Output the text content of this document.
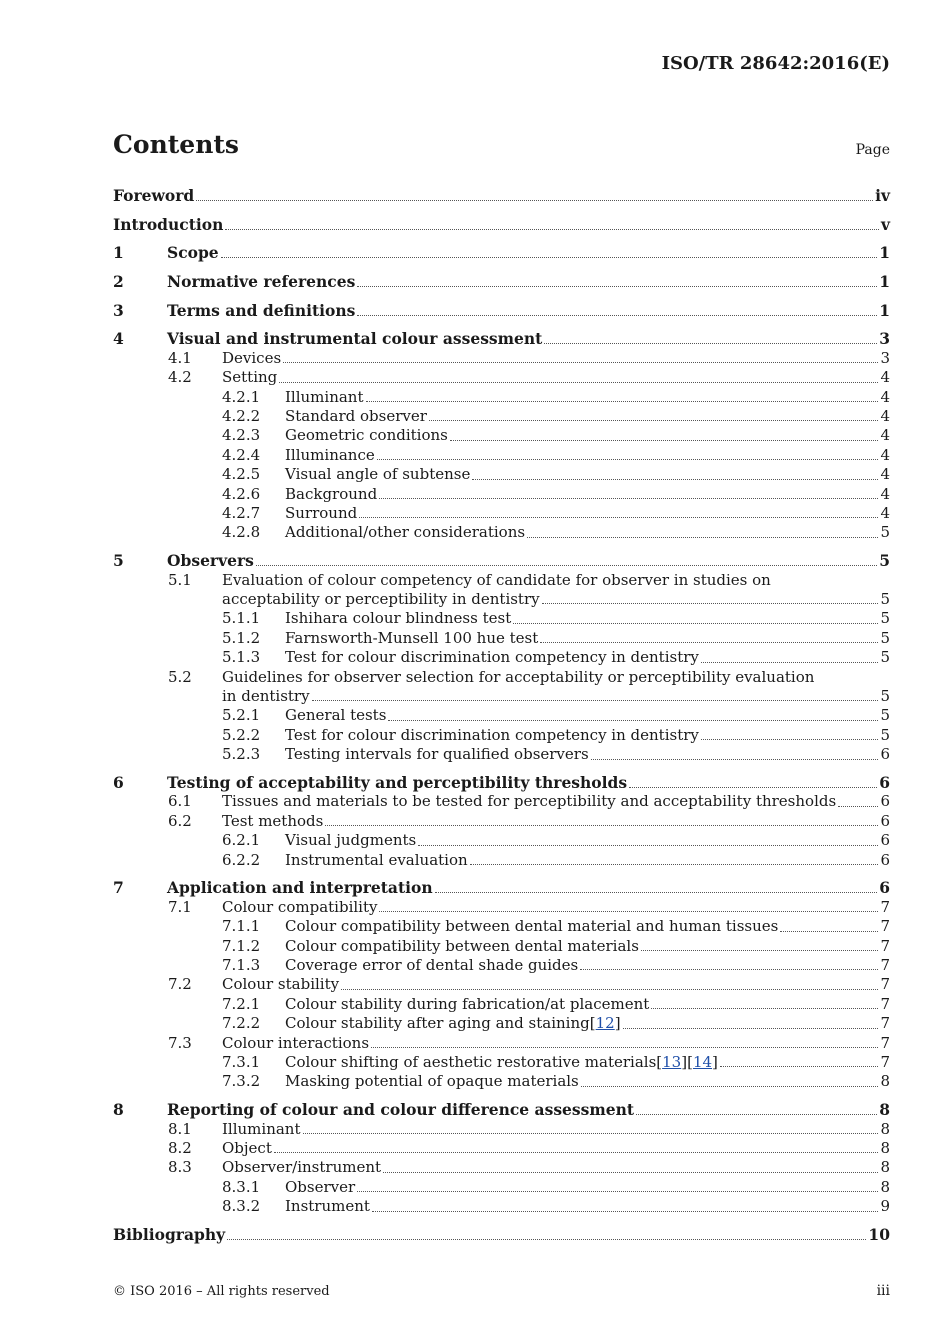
ISO/TR 28642:2016(E)
Contents	Page
Foreword	iv
Introduction	v
1	Scope	1
2	Normative references	1
3	Terms and definitions	1
4	Visual and instrumental colour assessment	3
4.1 Devices	3
4.2 Setting	4
4.2.1 Illuminant	4
4.2.2 Standard observer	4
4.2.3 Geometric conditions	4
4.2.4 Illuminance	4
4.2.5 Visual angle of subtense	4
4.2.6 Background	4
4.2.7 Surround	4
4.2.8 Additional/other considerations	5
5	Observers	5
5.1 Evaluation of colour competency of candidate for observer in studies on
acceptability or perceptibility in dentistry	5
5.1.1 Ishihara colour blindness test	5
5.1.2 Farnsworth-Munsell 100 hue test	5
5.1.3 Test for colour discrimination competency in dentistry	5
5.2 Guidelines for observer selection for acceptability or perceptibility evaluation
in dentistry	5
5.2.1 General tests	5
5.2.2 Test for colour discrimination competency in dentistry	5
5.2.3 Testing intervals for qualified observers	6
6	Testing of acceptability and perceptibility thresholds	6
6.1 Tissues and materials to be tested for perceptibility and acceptability thresholds	6
6.2 Test methods	6
6.2.1 Visual judgments	6
6.2.2 Instrumental evaluation	6
7	Application and interpretation	6
7.1 Colour compatibility	7
7.1.1 Colour compatibility between dental material and human tissues	7
7.1.2 Colour compatibility between dental materials	7
7.1.3 Coverage error of dental shade guides	7
7.2 Colour stability	7
7.2.1 Colour stability during fabrication/at placement	7
7.2.2 Colour stability after aging and staining[12]	7
7.3 Colour interactions	7
7.3.1 Colour shifting of aesthetic restorative materials[13][14]	7
7.3.2 Masking potential of opaque materials	8
8	Reporting of colour and colour difference assessment	8
8.1 Illuminant	8
8.2 Object	8
8.3 Observer/instrument	8
8.3.1 Observer	8
8.3.2 Instrument	9
Bibliography	10
© ISO 2016 – All rights reserved	iii
